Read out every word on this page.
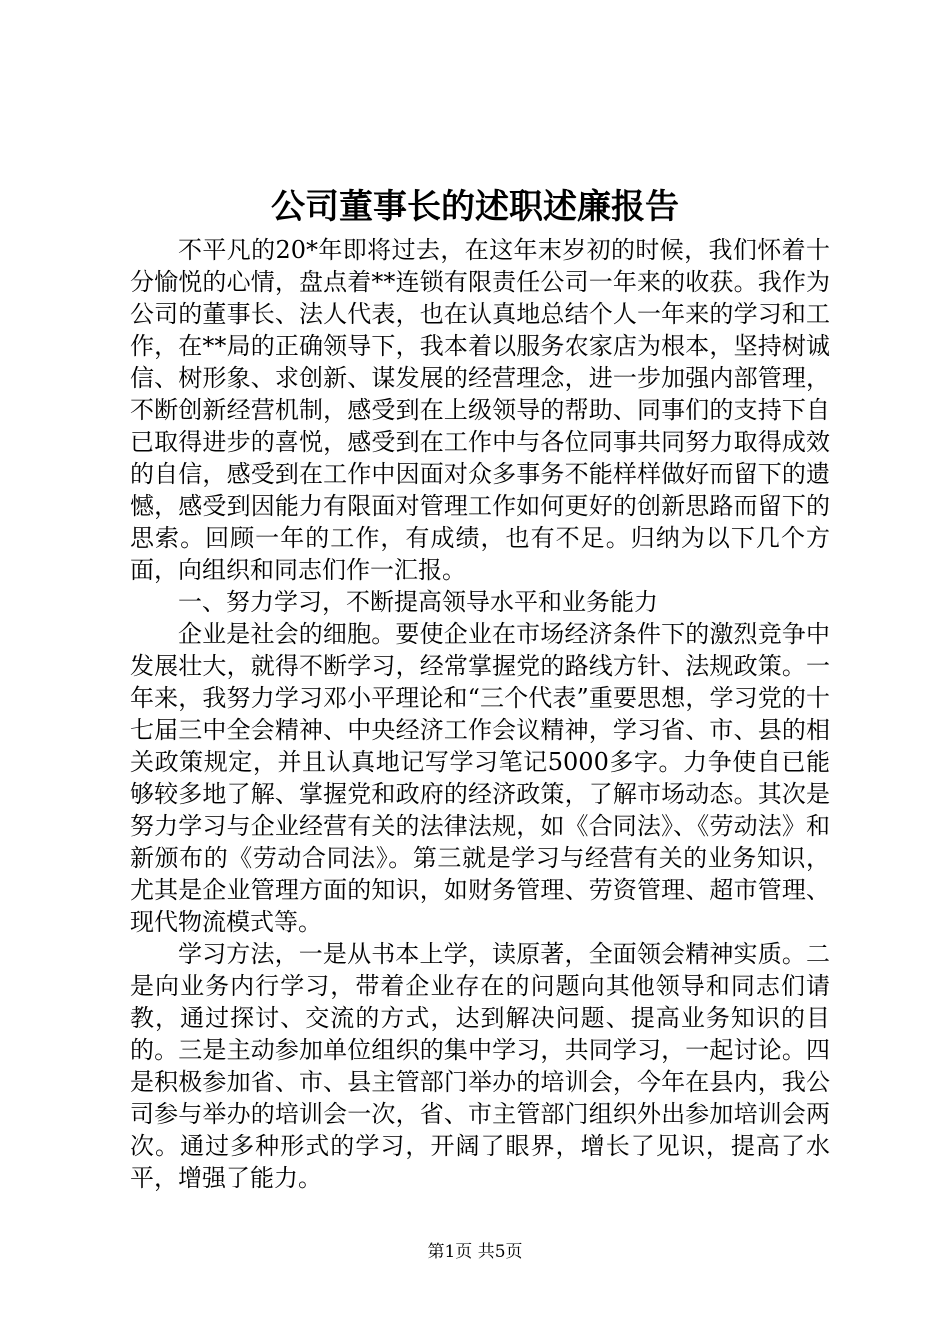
公司董事长的述职述廉报告

不平凡的20*年即将过去，在这年末岁初的时候，我们怀着十分愉悦的心情，盘点着**连锁有限责任公司一年来的收获。我作为公司的董事长、法人代表，也在认真地总结个人一年来的学习和工作，在**局的正确领导下，我本着以服务农家店为根本，坚持树诚信、树形象、求创新、谋发展的经营理念，进一步加强内部管理，不断创新经营机制，感受到在上级领导的帮助、同事们的支持下自已取得进步的喜悦，感受到在工作中与各位同事共同努力取得成效的自信，感受到在工作中因面对众多事务不能样样做好而留下的遗憾，感受到因能力有限面对管理工作如何更好的创新思路而留下的思索。回顾一年的工作，有成绩，也有不足。归纳为以下几个方面，向组织和同志们作一汇报。

一、努力学习，不断提高领导水平和业务能力

企业是社会的细胞。要使企业在市场经济条件下的激烈竞争中发展壮大，就得不断学习，经常掌握党的路线方针、法规政策。一年来，我努力学习邓小平理论和“三个代表”重要思想，学习党的十七届三中全会精神、中央经济工作会议精神，学习省、市、县的相关政策规定，并且认真地记写学习笔记5000多字。力争使自已能够较多地了解、掌握党和政府的经济政策，了解市场动态。其次是努力学习与企业经营有关的法律法规，如《合同法》、《劳动法》和新颁布的《劳动合同法》。第三就是学习与经营有关的业务知识，尤其是企业管理方面的知识，如财务管理、劳资管理、超市管理、现代物流模式等。

学习方法，一是从书本上学，读原著，全面领会精神实质。二是向业务内行学习，带着企业存在的问题向其他领导和同志们请教，通过探讨、交流的方式，达到解决问题、提高业务知识的目的。三是主动参加单位组织的集中学习，共同学习，一起讨论。四是积极参加省、市、县主管部门举办的培训会，今年在县内，我公司参与举办的培训会一次，省、市主管部门组织外出参加培训会两次。通过多种形式的学习，开阔了眼界，增长了见识，提高了水平，增强了能力。

第1页 共5页
